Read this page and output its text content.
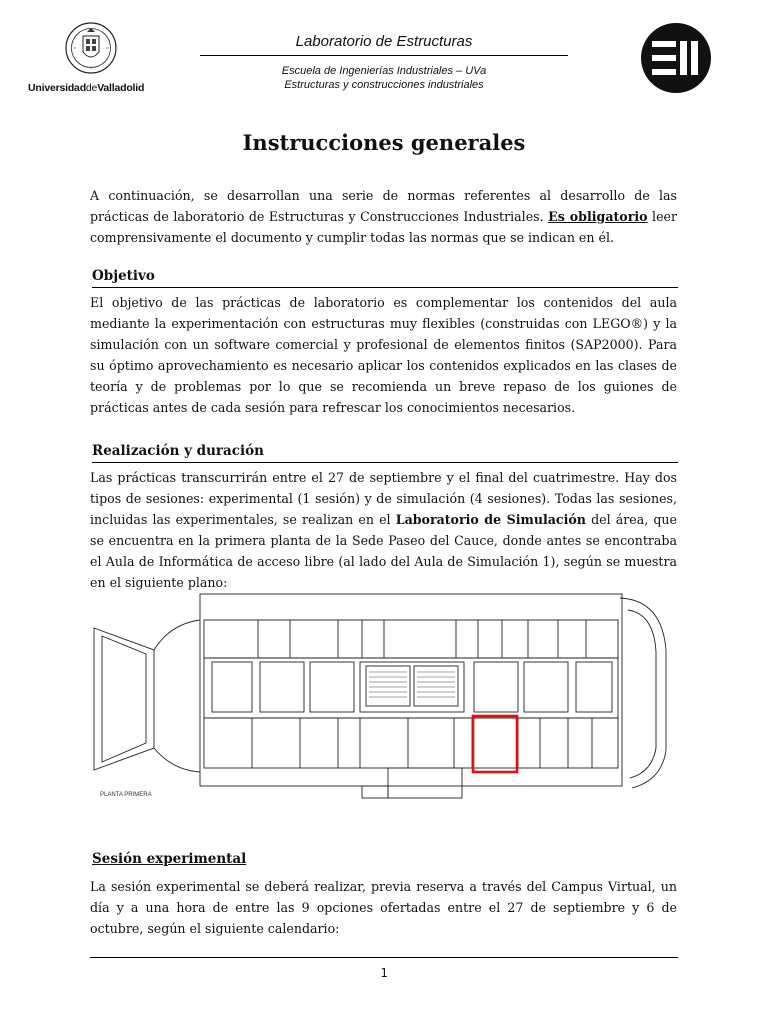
UniversidaddeValladolid
Laboratorio de Estructuras
Escuela de Ingenierías Industriales – UVa
Estructuras y construcciones industriales
Instrucciones generales
A continuación, se desarrollan una serie de normas referentes al desarrollo de las prácticas de laboratorio de Estructuras y Construcciones Industriales. Es obligatorio leer comprensivamente el documento y cumplir todas las normas que se indican en él.
Objetivo
El objetivo de las prácticas de laboratorio es complementar los contenidos del aula mediante la experimentación con estructuras muy flexibles (construidas con LEGO®) y la simulación con un software comercial y profesional de elementos finitos (SAP2000). Para su óptimo aprovechamiento es necesario aplicar los contenidos explicados en las clases de teoría y de problemas por lo que se recomienda un breve repaso de los guiones de prácticas antes de cada sesión para refrescar los conocimientos necesarios.
Realización y duración
Las prácticas transcurrirán entre el 27 de septiembre y el final del cuatrimestre. Hay dos tipos de sesiones: experimental (1 sesión) y de simulación (4 sesiones). Todas las sesiones, incluidas las experimentales, se realizan en el Laboratorio de Simulación del área, que se encuentra en la primera planta de la Sede Paseo del Cauce, donde antes se encontraba el Aula de Informática de acceso libre (al lado del Aula de Simulación 1), según se muestra en el siguiente plano:
PLANTA PRIMERA
Sesión experimental
La sesión experimental se deberá realizar, previa reserva a través del Campus Virtual, un día y a una hora de entre las 9 opciones ofertadas entre el 27 de septiembre y 6 de octubre, según el siguiente calendario:
1
